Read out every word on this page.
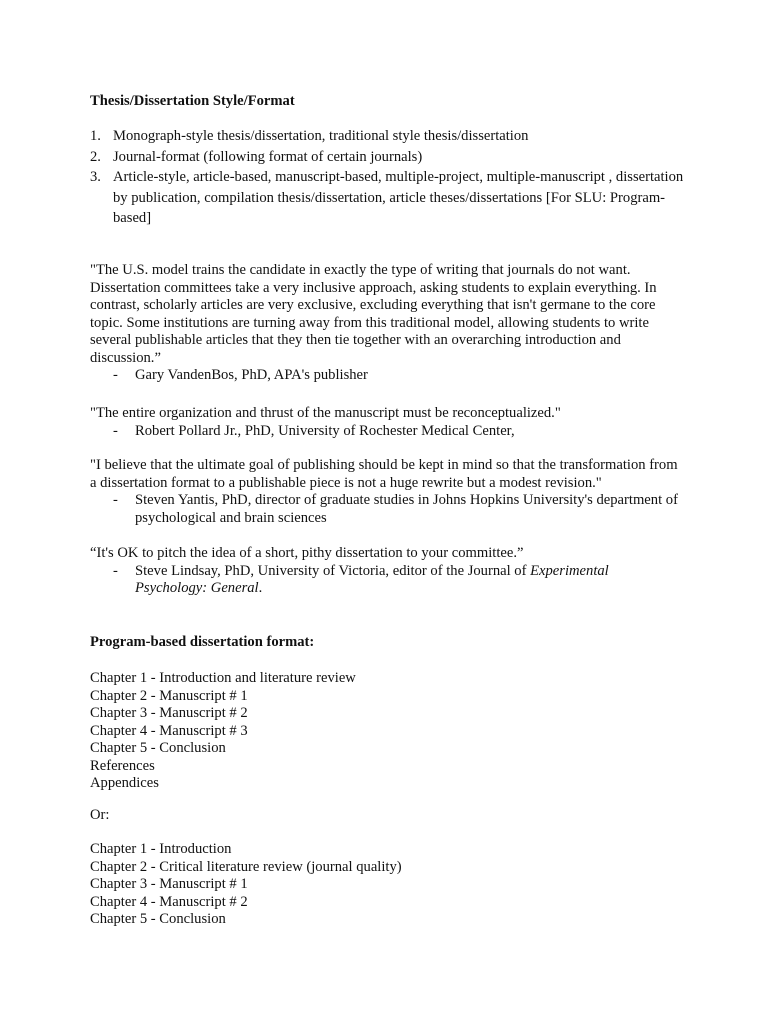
Thesis/Dissertation Style/Format

1. Monograph-style thesis/dissertation, traditional style thesis/dissertation
2. Journal-format (following format of certain journals)
3. Article-style, article-based, manuscript-based, multiple-project, multiple-manuscript , dissertation by publication, compilation thesis/dissertation, article theses/dissertations [For SLU: Program-based]
"The U.S. model trains the candidate in exactly the type of writing that journals do not want. Dissertation committees take a very inclusive approach, asking students to explain everything. In contrast, scholarly articles are very exclusive, excluding everything that isn't germane to the core topic. Some institutions are turning away from this traditional model, allowing students to write several publishable articles that they then tie together with an overarching introduction and discussion.”
- Gary VandenBos, PhD, APA's publisher
"The entire organization and thrust of the manuscript must be reconceptualized."
- Robert Pollard Jr., PhD, University of Rochester Medical Center,
"I believe that the ultimate goal of publishing should be kept in mind so that the transformation from a dissertation format to a publishable piece is not a huge rewrite but a modest revision."
- Steven Yantis, PhD, director of graduate studies in Johns Hopkins University's department of psychological and brain sciences
“It's OK to pitch the idea of a short, pithy dissertation to your committee.”
- Steve Lindsay, PhD, University of Victoria, editor of the Journal of Experimental Psychology: General.

Program-based dissertation format:

Chapter 1 - Introduction and literature review
Chapter 2 - Manuscript # 1
Chapter 3 - Manuscript # 2
Chapter 4 - Manuscript # 3
Chapter 5 - Conclusion
References
Appendices

Or:

Chapter 1 - Introduction
Chapter 2 - Critical literature review (journal quality)
Chapter 3 - Manuscript # 1
Chapter 4 - Manuscript # 2
Chapter 5 - Conclusion
